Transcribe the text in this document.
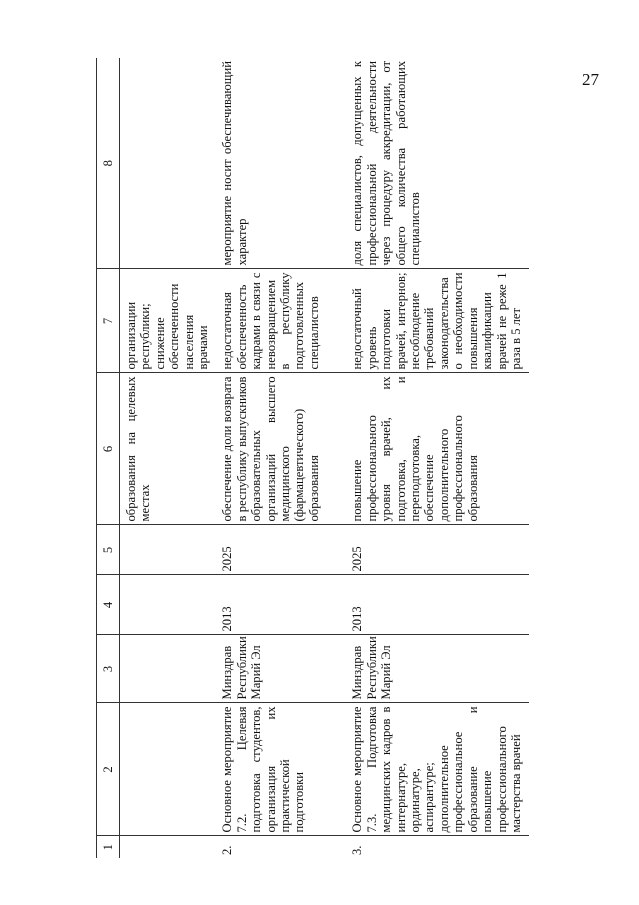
27
1	2	3	4	5	6	7	8
					образования на целевых местах	организации республики; снижение обеспеченности населения врачами	
2.	Основное мероприятие 7.2. Целевая подготовка студентов, организация их практической подготовки	Минздрав Республики Марий Эл	2013	2025	обеспечение доли возврата в республику выпускников образовательных организаций высшего медицинского (фармацевтического) образования	недостаточная обеспеченность кадрами в связи с невозвращением в республику подготовленных специалистов	мероприятие носит обеспечивающий характер
3.	Основное мероприятие 7.3. Подготовка медицинских кадров в интернатуре, ординатуре, аспирантуре; дополнительное профессиональное образование и повышение профессионального мастерства врачей	Минздрав Республики Марий Эл	2013	2025	повышение профессионального уровня врачей, их подготовка, и переподготовка, обеспечение дополнительного профессионального образования	недостаточный уровень подготовки врачей, интернов; несоблюдение требований законодательства о необходимости повышения квалификации врачей не реже 1 раза в 5 лет	доля специалистов, допущенных к профессиональной деятельности через процедуру аккредитации, от общего количества работающих специалистов
